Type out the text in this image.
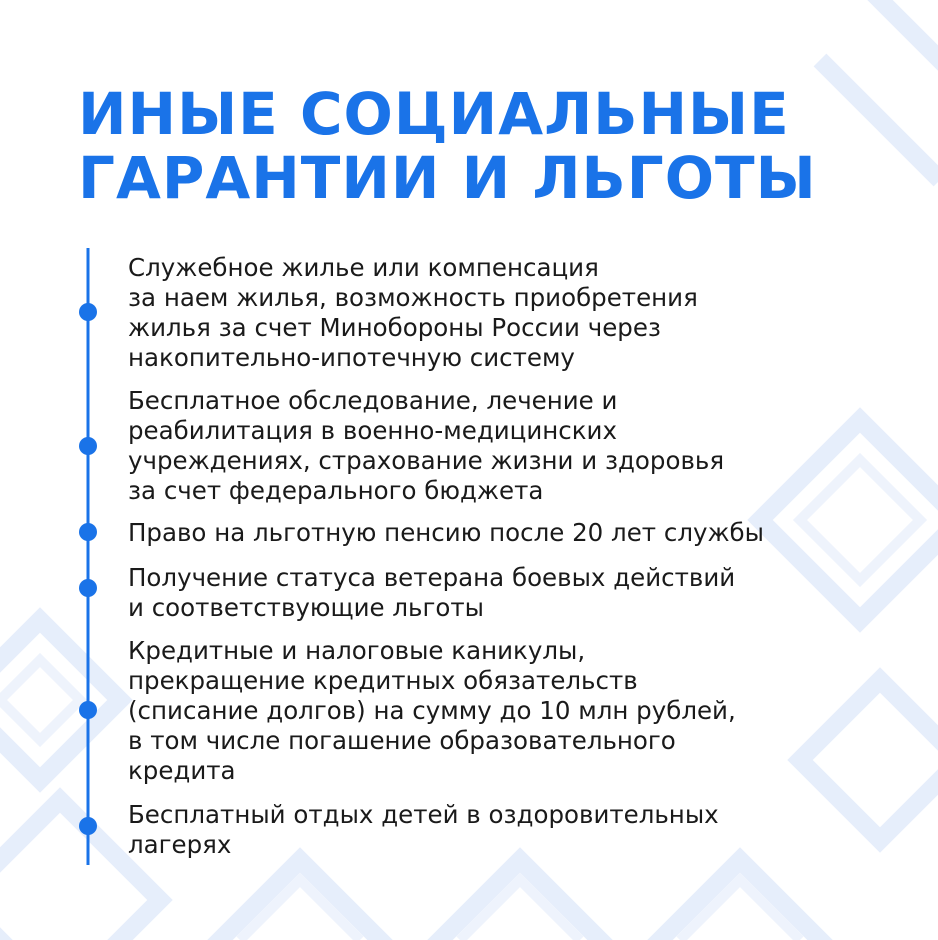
ИНЫЕ СОЦИАЛЬНЫЕ
ГАРАНТИИ И ЛЬГОТЫ
Служебное жилье или компенсация
за наем жилья, возможность приобретения
жилья за счет Минобороны России через
накопительно-ипотечную систему
Бесплатное обследование, лечение и
реабилитация в военно-медицинских
учреждениях, страхование жизни и здоровья
за счет федерального бюджета
Право на льготную пенсию после 20 лет службы
Получение статуса ветерана боевых действий
и соответствующие льготы
Кредитные и налоговые каникулы,
прекращение кредитных обязательств
(списание долгов) на сумму до 10 млн рублей,
в том числе погашение образовательного
кредита
Бесплатный отдых детей в оздоровительных
лагерях
